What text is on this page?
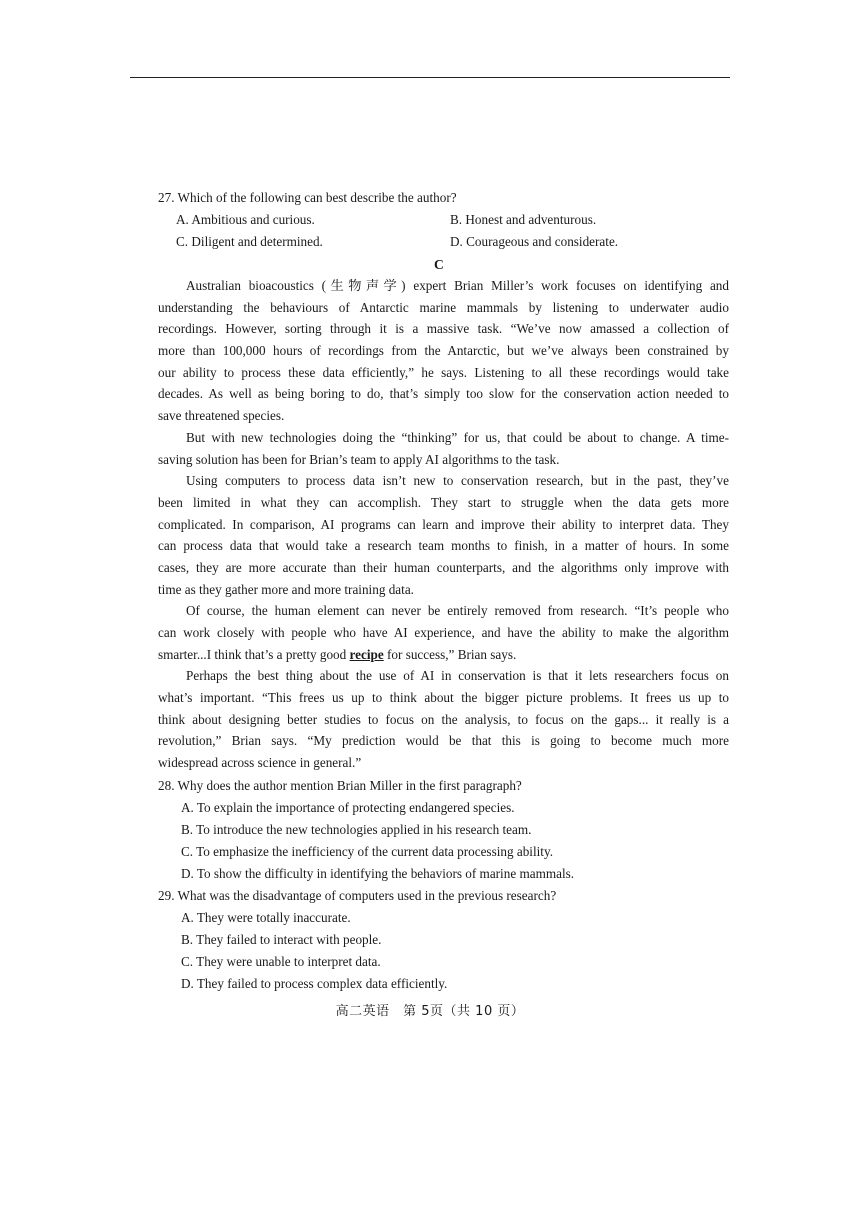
27. Which of the following can best describe the author?

A. Ambitious and curious.	B. Honest and adventurous.

C. Diligent and determined.	D. Courageous and considerate.

C
Australian bioacoustics (生物声学) expert Brian Miller’s work focuses on identifying and
understanding the behaviours of Antarctic marine mammals by listening to underwater audio
recordings. However, sorting through it is a massive task. “We’ve now amassed a collection of
more than 100,000 hours of recordings from the Antarctic, but we’ve always been constrained by
our ability to process these data efficiently,” he says. Listening to all these recordings would take
decades. As well as being boring to do, that’s simply too slow for the conservation action needed to
save threatened species.
But with new technologies doing the “thinking” for us, that could be about to change. A time-
saving solution has been for Brian’s team to apply AI algorithms to the task.
Using computers to process data isn’t new to conservation research, but in the past, they’ve
been limited in what they can accomplish. They start to struggle when the data gets more
complicated. In comparison, AI programs can learn and improve their ability to interpret data. They
can process data that would take a research team months to finish, in a matter of hours. In some
cases, they are more accurate than their human counterparts, and the algorithms only improve with
time as they gather more and more training data.
Of course, the human element can never be entirely removed from research. “It’s people who
can work closely with people who have AI experience, and have the ability to make the algorithm
smarter...I think that’s a pretty good recipe for success,” Brian says.
Perhaps the best thing about the use of AI in conservation is that it lets researchers focus on
what’s important. “This frees us up to think about the bigger picture problems. It frees us up to
think about designing better studies to focus on the analysis, to focus on the gaps... it really is a
revolution,” Brian says. “My prediction would be that this is going to become much more
widespread across science in general.”

28. Why does the author mention Brian Miller in the first paragraph?

A. To explain the importance of protecting endangered species.

B. To introduce the new technologies applied in his research team.

C. To emphasize the inefficiency of the current data processing ability.

D. To show the difficulty in identifying the behaviors of marine mammals.

29. What was the disadvantage of computers used in the previous research?

A. They were totally inaccurate.

B. They failed to interact with people.

C. They were unable to interpret data.

D. They failed to process complex data efficiently.

高二英语　第 5页（共 10 页）
